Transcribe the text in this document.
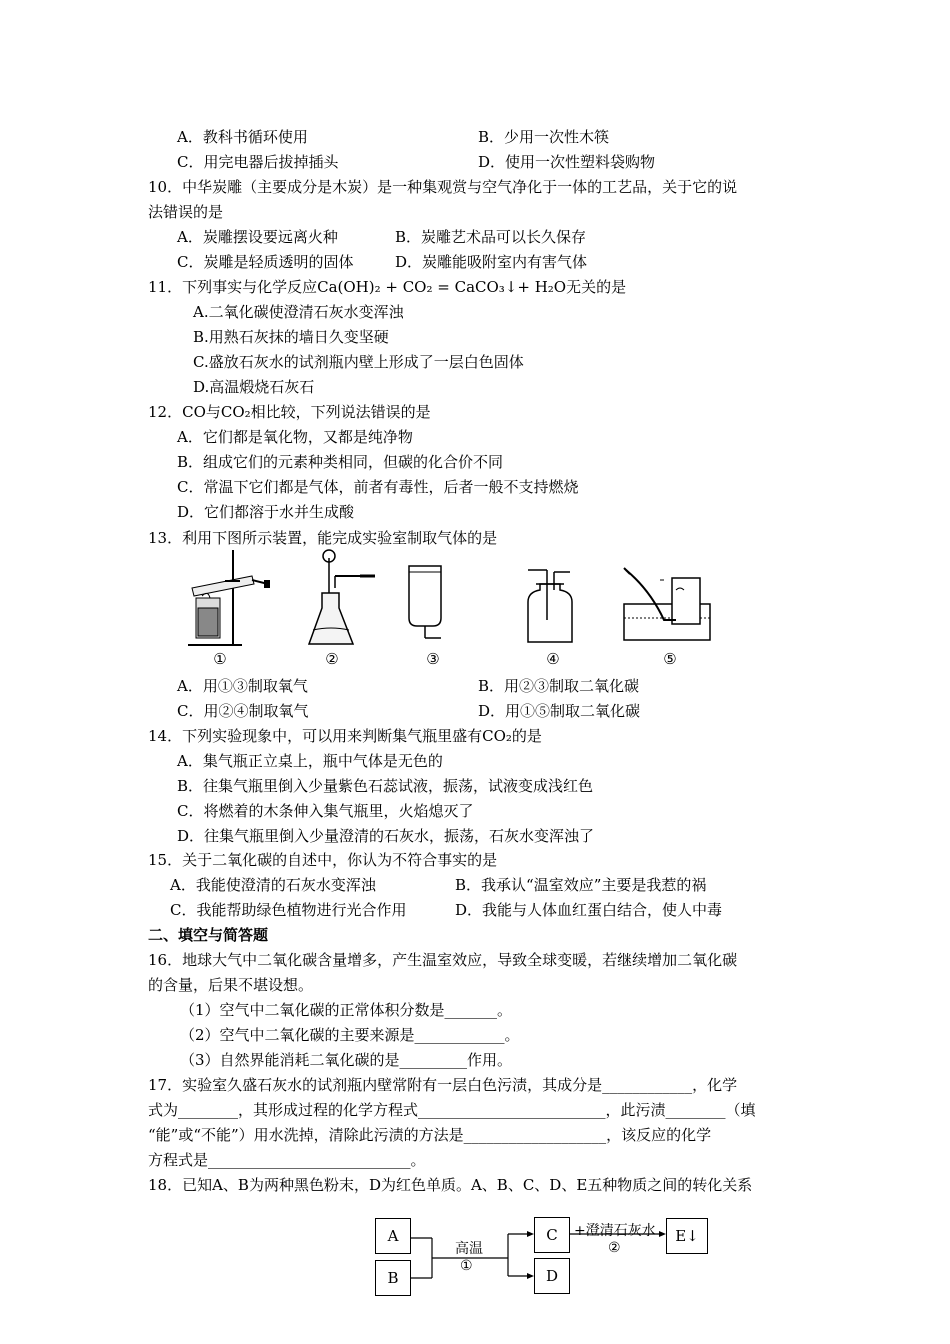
A．教科书循环使用	B．少用一次性木筷
C．用完电器后拔掉插头	D．使用一次性塑料袋购物
10．中华炭雕（主要成分是木炭）是一种集观赏与空气净化于一体的工艺品，关于它的说
法错误的是
A．炭雕摆设要远离火种	B．炭雕艺术品可以长久保存
C．炭雕是轻质透明的固体	D．炭雕能吸附室内有害气体
11．下列事实与化学反应Ca(OH)₂ + CO₂ = CaCO₃↓+ H₂O无关的是
A.二氧化碳使澄清石灰水变浑浊
B.用熟石灰抹的墙日久变坚硬
C.盛放石灰水的试剂瓶内壁上形成了一层白色固体
D.高温煅烧石灰石
12．CO与CO₂相比较，下列说法错误的是
A．它们都是氧化物，又都是纯净物
B．组成它们的元素种类相同，但碳的化合价不同
C．常温下它们都是气体，前者有毒性，后者一般不支持燃烧
D．它们都溶于水并生成酸
13．利用下图所示装置，能完成实验室制取气体的是
①	②	③	④	⑤
A．用①③制取氧气	B．用②③制取二氧化碳
C．用②④制取氧气	D．用①⑤制取二氧化碳
14．下列实验现象中，可以用来判断集气瓶里盛有CO₂的是
A．集气瓶正立桌上，瓶中气体是无色的
B．往集气瓶里倒入少量紫色石蕊试液，振荡，试液变成浅红色
C．将燃着的木条伸入集气瓶里，火焰熄灭了
D．往集气瓶里倒入少量澄清的石灰水，振荡，石灰水变浑浊了
15．关于二氧化碳的自述中，你认为不符合事实的是
A．我能使澄清的石灰水变浑浊	B．我承认“温室效应”主要是我惹的祸
C．我能帮助绿色植物进行光合作用	D．我能与人体血红蛋白结合，使人中毒
二、填空与简答题
16．地球大气中二氧化碳含量增多，产生温室效应，导致全球变暖，若继续增加二氧化碳
的含量，后果不堪设想。
（1）空气中二氧化碳的正常体积分数是_______。
（2）空气中二氧化碳的主要来源是____________。
（3）自然界能消耗二氧化碳的是_________作用。
17．实验室久盛石灰水的试剂瓶内壁常附有一层白色污渍，其成分是____________，化学
式为________，其形成过程的化学方程式_________________________，此污渍________（填
“能”或“不能”）用水洗掉，清除此污渍的方法是___________________，该反应的化学
方程式是___________________________。
18．已知A、B为两种黑色粉末，D为红色单质。A、B、C、D、E五种物质之间的转化关系
A
B
C
D
E↓
高温
①
+澄清石灰水
②
